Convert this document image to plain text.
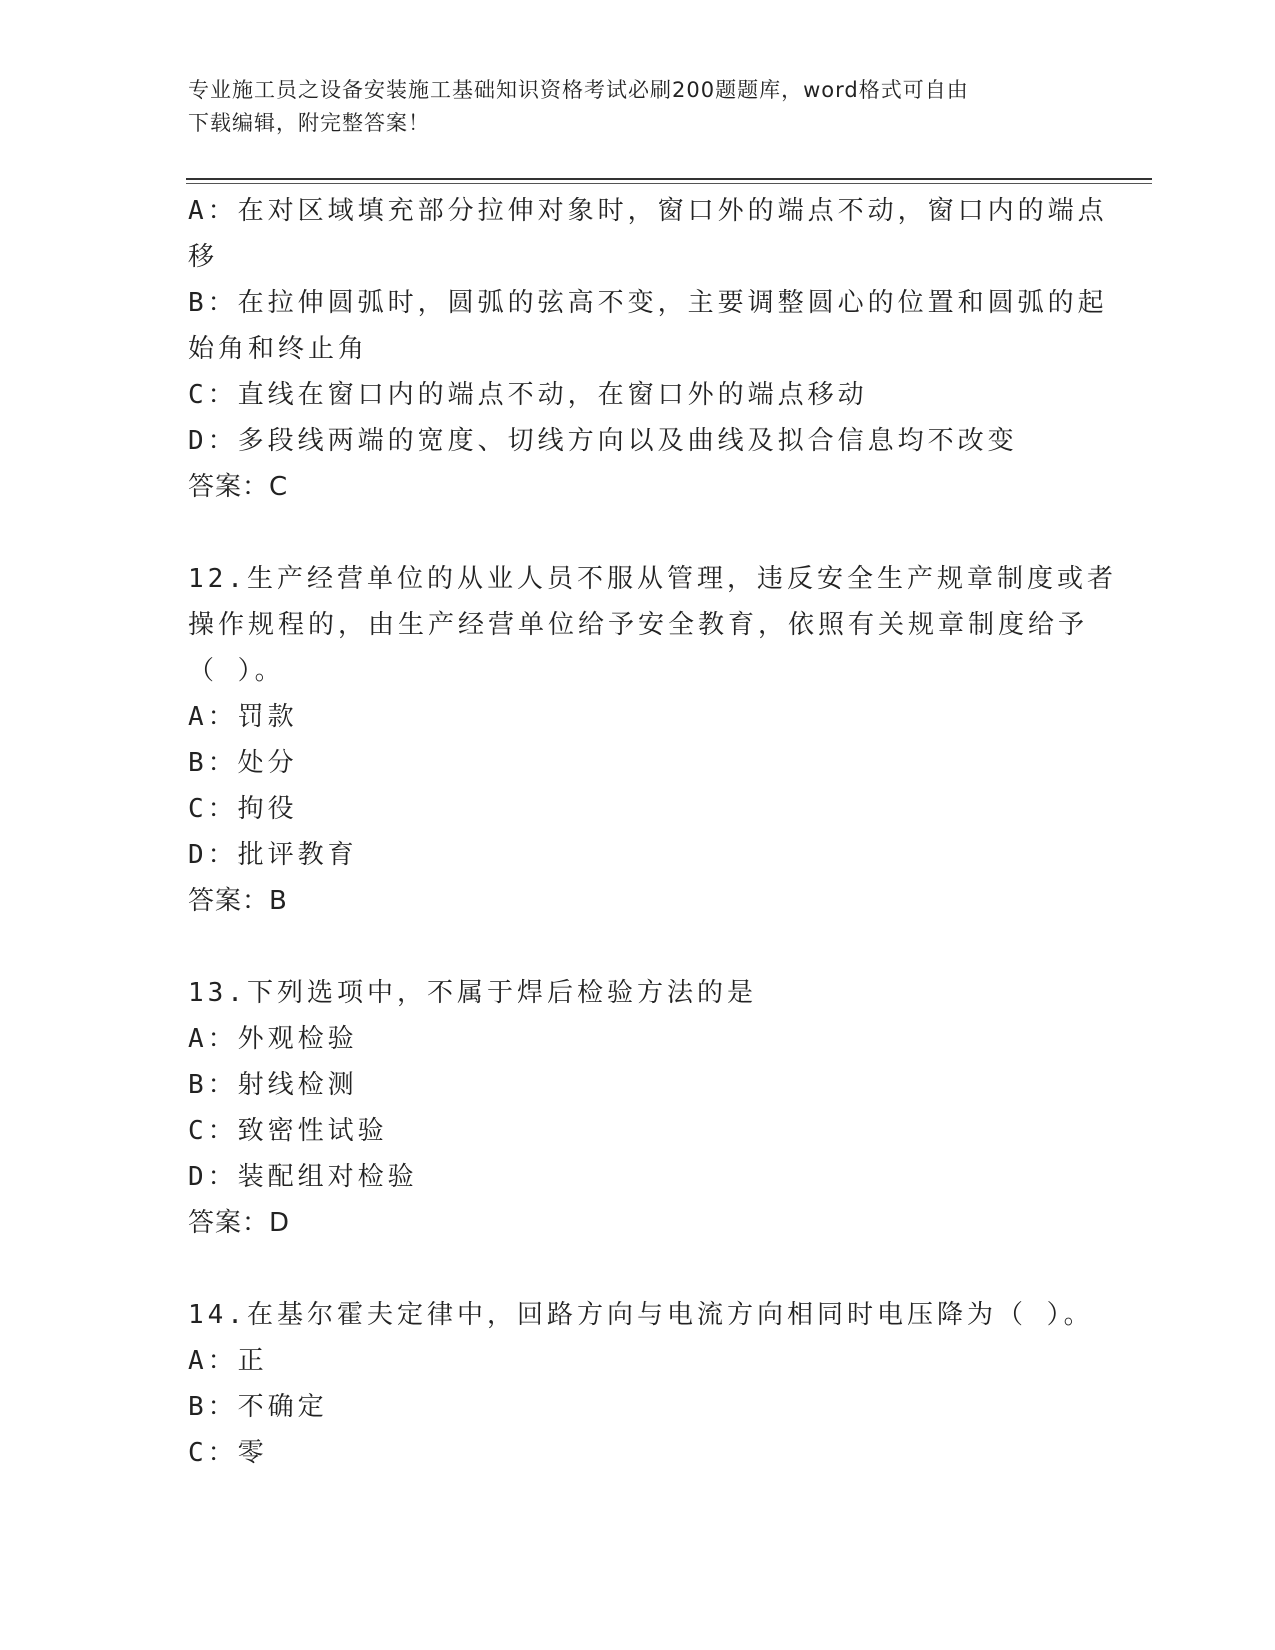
专业施工员之设备安装施工基础知识资格考试必刷200题题库，word格式可自由
下载编辑，附完整答案！
A：在对区域填充部分拉伸对象时，窗口外的端点不动，窗口内的端点
移
B：在拉伸圆弧时，圆弧的弦高不变，主要调整圆心的位置和圆弧的起
始角和终止角
C：直线在窗口内的端点不动，在窗口外的端点移动
D：多段线两端的宽度、切线方向以及曲线及拟合信息均不改变
答案：C
12.生产经营单位的从业人员不服从管理，违反安全生产规章制度或者
操作规程的，由生产经营单位给予安全教育，依照有关规章制度给予
（ ）。
A：罚款
B：处分
C：拘役
D：批评教育
答案：B
13.下列选项中，不属于焊后检验方法的是
A：外观检验
B：射线检测
C：致密性试验
D：装配组对检验
答案：D
14.在基尔霍夫定律中，回路方向与电流方向相同时电压降为（ ）。
A：正
B：不确定
C：零
